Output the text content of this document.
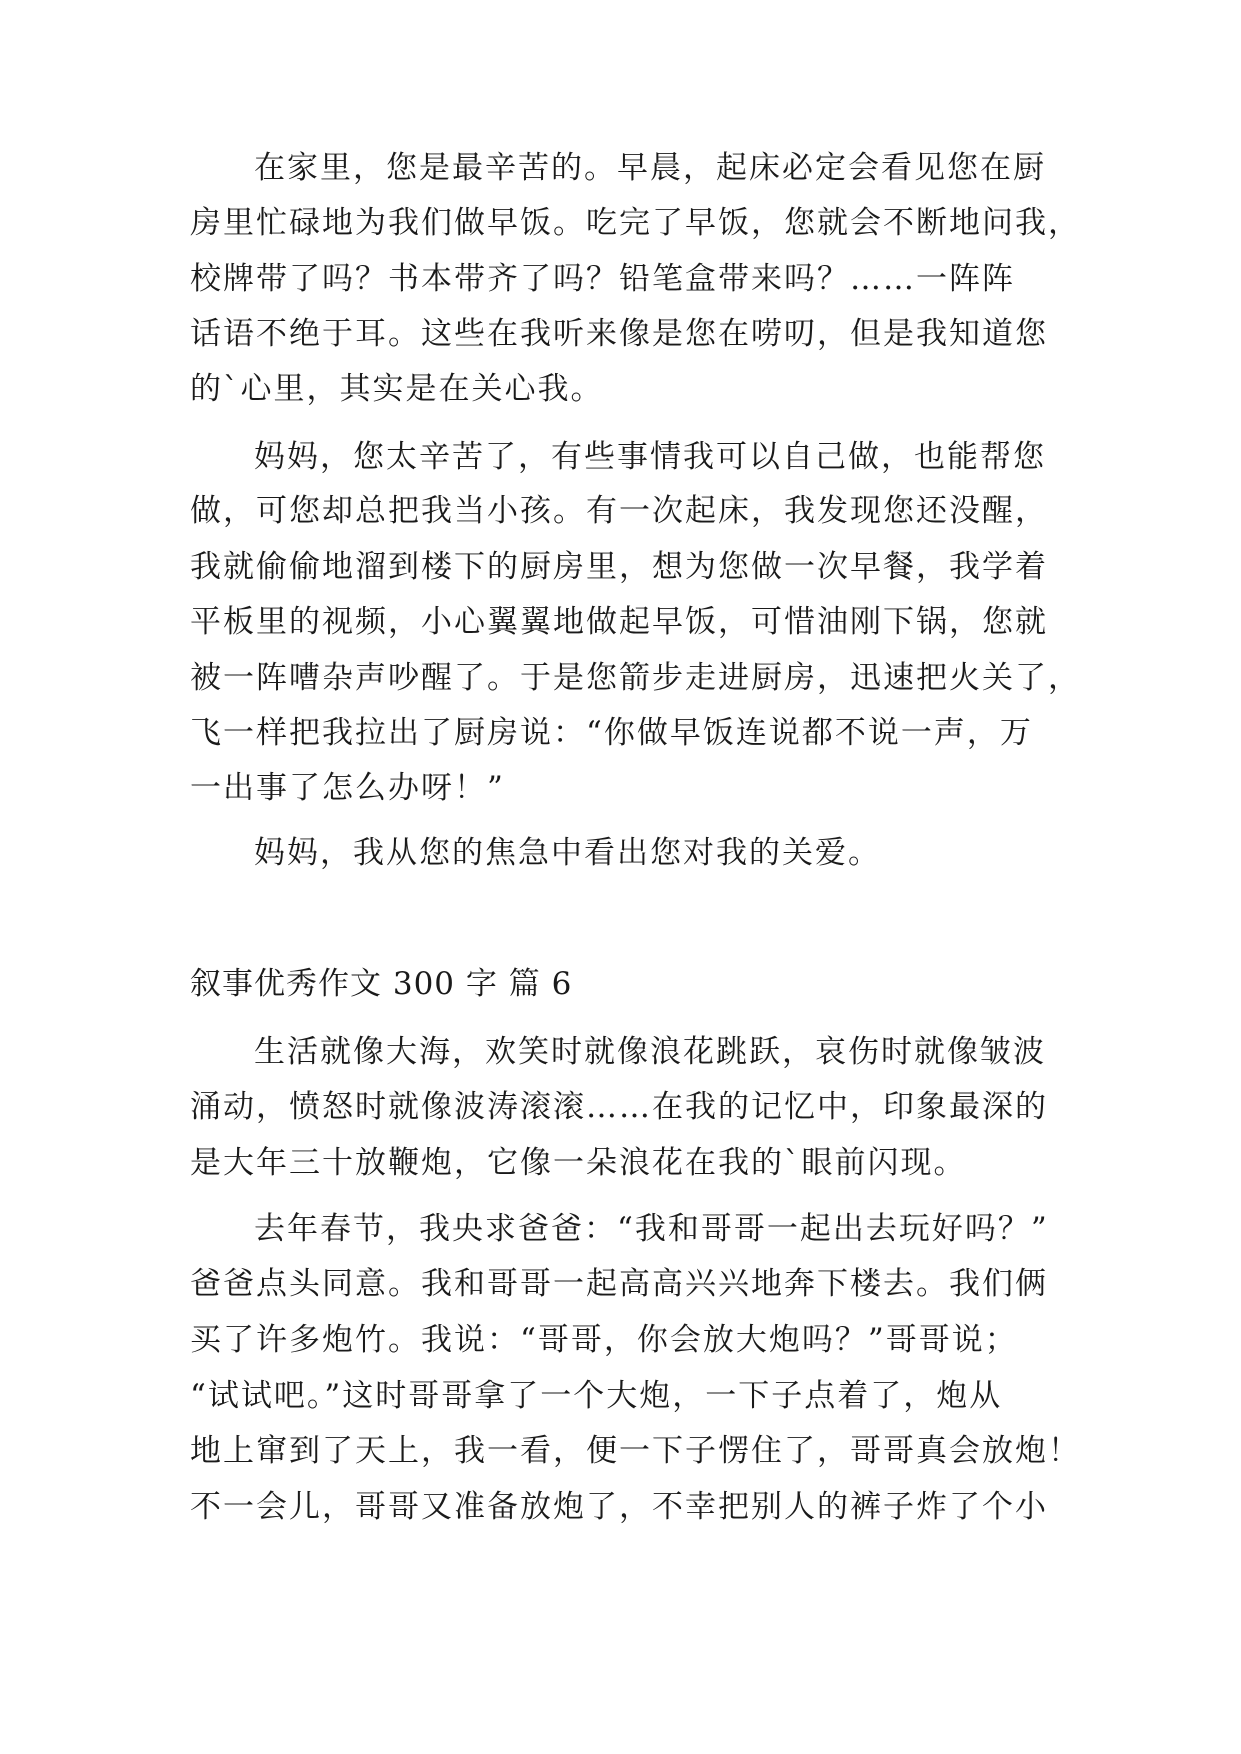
在家里，您是最辛苦的。早晨，起床必定会看见您在厨
房里忙碌地为我们做早饭。吃完了早饭，您就会不断地问我，
校牌带了吗？书本带齐了吗？铅笔盒带来吗？……一阵阵
话语不绝于耳。这些在我听来像是您在唠叨，但是我知道您
的`心里，其实是在关心我。
妈妈，您太辛苦了，有些事情我可以自己做，也能帮您
做，可您却总把我当小孩。有一次起床，我发现您还没醒，
我就偷偷地溜到楼下的厨房里，想为您做一次早餐，我学着
平板里的视频，小心翼翼地做起早饭，可惜油刚下锅，您就
被一阵嘈杂声吵醒了。于是您箭步走进厨房，迅速把火关了，
飞一样把我拉出了厨房说：“你做早饭连说都不说一声，万
一出事了怎么办呀！”
妈妈，我从您的焦急中看出您对我的关爱。
叙事优秀作文 300 字 篇 6
生活就像大海，欢笑时就像浪花跳跃，哀伤时就像皱波
涌动，愤怒时就像波涛滚滚……在我的记忆中，印象最深的
是大年三十放鞭炮，它像一朵浪花在我的`眼前闪现。
去年春节，我央求爸爸：“我和哥哥一起出去玩好吗？”
爸爸点头同意。我和哥哥一起高高兴兴地奔下楼去。我们俩
买了许多炮竹。我说：“哥哥，你会放大炮吗？”哥哥说；
“试试吧。”这时哥哥拿了一个大炮，一下子点着了，炮从
地上窜到了天上，我一看，便一下子愣住了，哥哥真会放炮！
不一会儿，哥哥又准备放炮了，不幸把别人的裤子炸了个小
